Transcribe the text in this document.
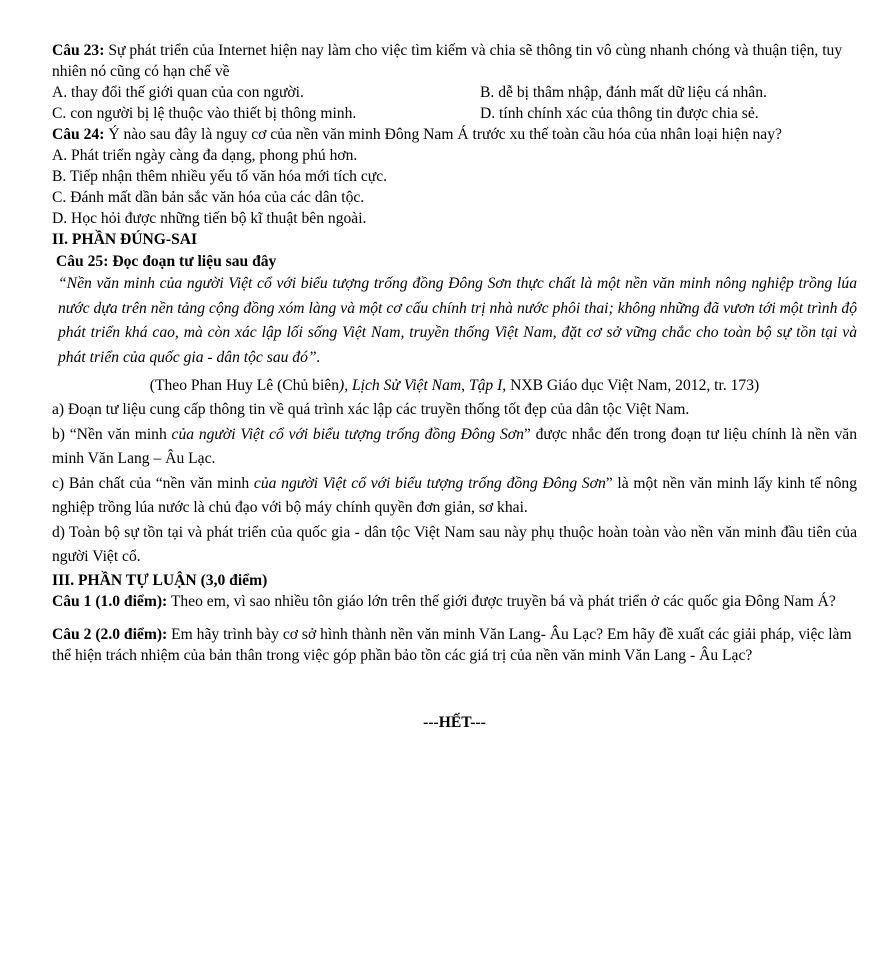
Câu 23: Sự phát triển của Internet hiện nay làm cho việc tìm kiếm và chia sẽ thông tin vô cùng nhanh chóng và thuận tiện, tuy nhiên nó cũng có hạn chế về

A. thay đổi thế giới quan của con người.	B. dễ bị thâm nhập, đánh mất dữ liệu cá nhân.
C. con người bị lệ thuộc vào thiết bị thông minh.	D. tính chính xác của thông tin được chia sẻ.

Câu 24: Ý nào sau đây là nguy cơ của nền văn minh Đông Nam Á trước xu thế toàn cầu hóa của nhân loại hiện nay?

A. Phát triển ngày càng đa dạng, phong phú hơn.

B. Tiếp nhận thêm nhiều yếu tố văn hóa mới tích cực.

C. Đánh mất dần bản sắc văn hóa của các dân tộc.

D. Học hỏi được những tiến bộ kĩ thuật bên ngoài.

II. PHẦN ĐÚNG-SAI

Câu 25: Đọc đoạn tư liệu sau đây

“Nền văn minh của người Việt cổ với biểu tượng trống đồng Đông Sơn thực chất là một nền văn minh nông nghiệp trồng lúa nước dựa trên nền tảng cộng đồng xóm làng và một cơ cấu chính trị nhà nước phôi thai; không những đã vươn tới một trình độ phát triển khá cao, mà còn xác lập lối sống Việt Nam, truyền thống Việt Nam, đặt cơ sở vững chắc cho toàn bộ sự tồn tại và phát triển của quốc gia - dân tộc sau đó”.

(Theo Phan Huy Lê (Chủ biên), Lịch Sử Việt Nam, Tập I, NXB Giáo dục Việt Nam, 2012, tr. 173)

a) Đoạn tư liệu cung cấp thông tin về quá trình xác lập các truyền thống tốt đẹp của dân tộc Việt Nam.

b) “Nền văn minh của người Việt cổ với biểu tượng trống đồng Đông Sơn” được nhắc đến trong đoạn tư liệu chính là nền văn minh Văn Lang – Âu Lạc.

c) Bản chất của “nền văn minh của người Việt cổ với biểu tượng trống đồng Đông Sơn” là một nền văn minh lấy kinh tế nông nghiệp trồng lúa nước là chủ đạo với bộ máy chính quyền đơn giản, sơ khai.

d) Toàn bộ sự tồn tại và phát triển của quốc gia - dân tộc Việt Nam sau này phụ thuộc hoàn toàn vào nền văn minh đầu tiên của người Việt cổ.

III. PHẦN TỰ LUẬN (3,0 điểm)

Câu 1 (1.0 điểm): Theo em, vì sao nhiều tôn giáo lớn trên thế giới được truyền bá và phát triển ở các quốc gia Đông Nam Á?

Câu 2 (2.0 điểm): Em hãy trình bày cơ sở hình thành nền văn minh Văn Lang- Âu Lạc? Em hãy đề xuất các giải pháp, việc làm thể hiện trách nhiệm của bản thân trong việc góp phần bảo tồn các giá trị của nền văn minh Văn Lang - Âu Lạc?

---HẾT---
